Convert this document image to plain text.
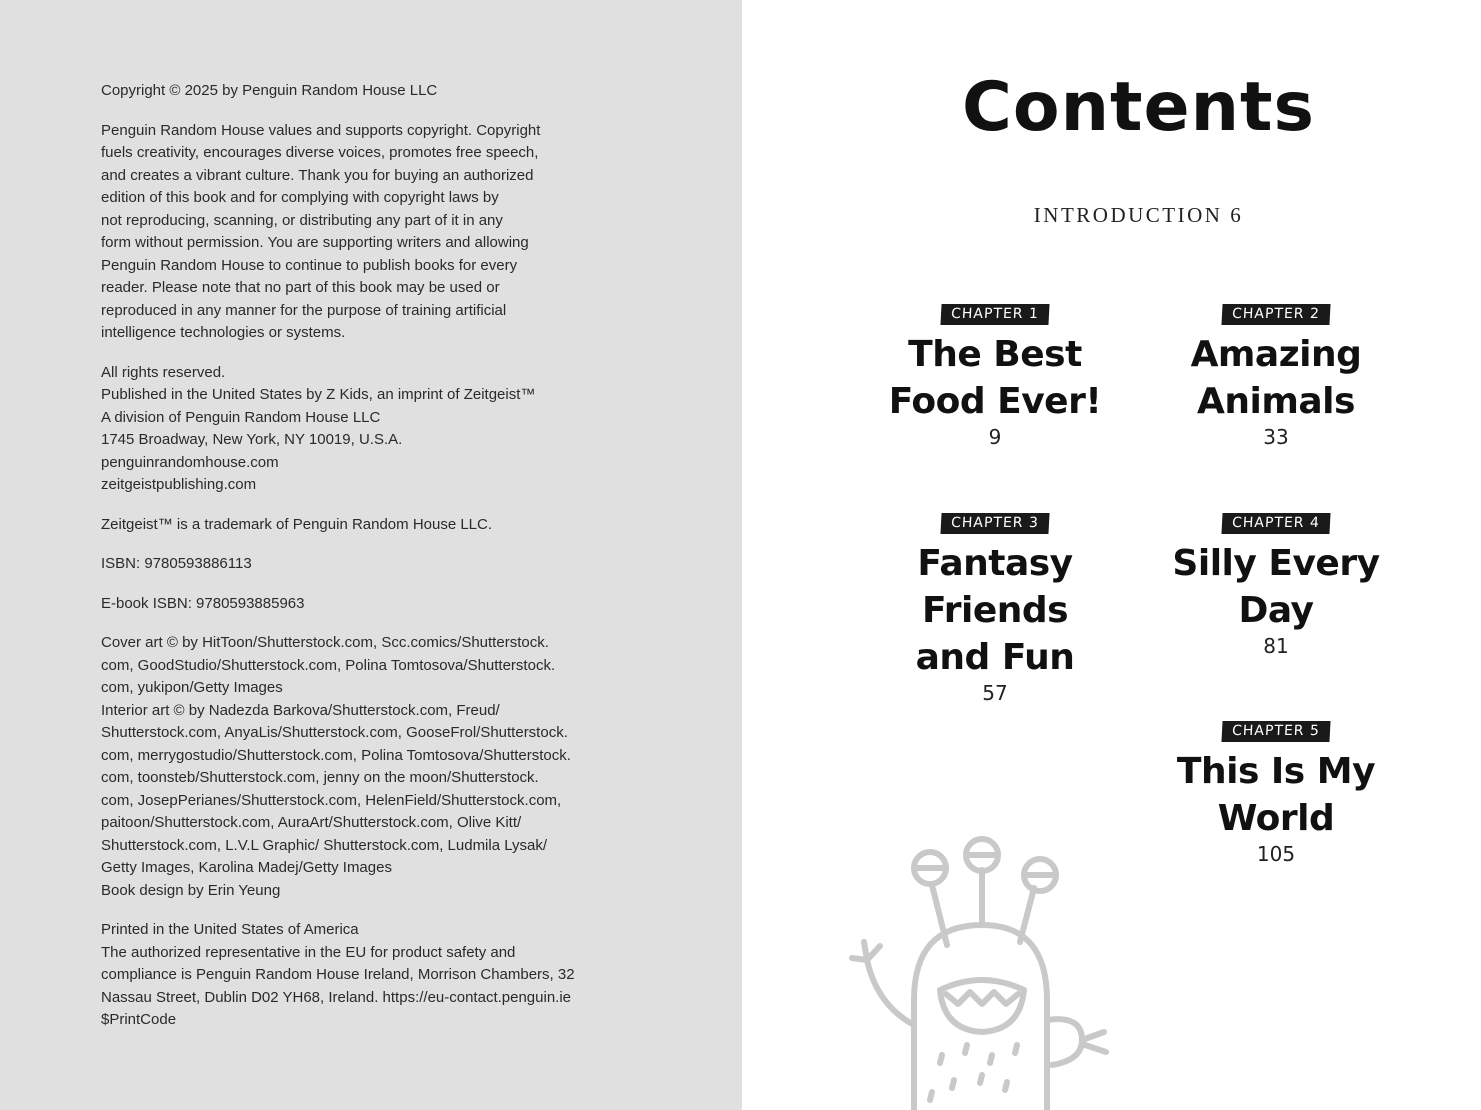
Copyright © 2025 by Penguin Random House LLC

Penguin Random House values and supports copyright. Copyright
fuels creativity, encourages diverse voices, promotes free speech,
and creates a vibrant culture. Thank you for buying an authorized
edition of this book and for complying with copyright laws by
not reproducing, scanning, or distributing any part of it in any
form without permission. You are supporting writers and allowing
Penguin Random House to continue to publish books for every
reader. Please note that no part of this book may be used or
reproduced in any manner for the purpose of training artificial
intelligence technologies or systems.

All rights reserved.
Published in the United States by Z Kids, an imprint of Zeitgeist™
A division of Penguin Random House LLC
1745 Broadway, New York, NY 10019, U.S.A.
penguinrandomhouse.com
zeitgeistpublishing.com

Zeitgeist™ is a trademark of Penguin Random House LLC.

ISBN: 9780593886113

E-book ISBN: 9780593885963

Cover art © by HitToon/Shutterstock.com, Scc.comics/Shutterstock.
com, GoodStudio/Shutterstock.com, Polina Tomtosova/Shutterstock.
com, yukipon/Getty Images
Interior art © by Nadezda Barkova/Shutterstock.com, Freud/
Shutterstock.com, AnyaLis/Shutterstock.com, GooseFrol/Shutterstock.
com, merrygostudio/Shutterstock.com, Polina Tomtosova/Shutterstock.
com, toonsteb/Shutterstock.com, jenny on the moon/Shutterstock.
com, JosepPerianes/Shutterstock.com, HelenField/Shutterstock.com,
paitoon/Shutterstock.com, AuraArt/Shutterstock.com, Olive Kitt/
Shutterstock.com, L.V.L Graphic/ Shutterstock.com, Ludmila Lysak/
Getty Images, Karolina Madej/Getty Images
Book design by Erin Yeung

Printed in the United States of America
The authorized representative in the EU for product safety and
compliance is Penguin Random House Ireland, Morrison Chambers, 32
Nassau Street, Dublin D02 YH68, Ireland. https://eu-contact.penguin.ie
$PrintCode

Contents
INTRODUCTION 6
CHAPTER 1
The Best
Food Ever!
9
CHAPTER 2
Amazing
Animals
33
CHAPTER 3
Fantasy
Friends
and Fun
57
CHAPTER 4
Silly Every
Day
81
CHAPTER 5
This Is My
World
105
